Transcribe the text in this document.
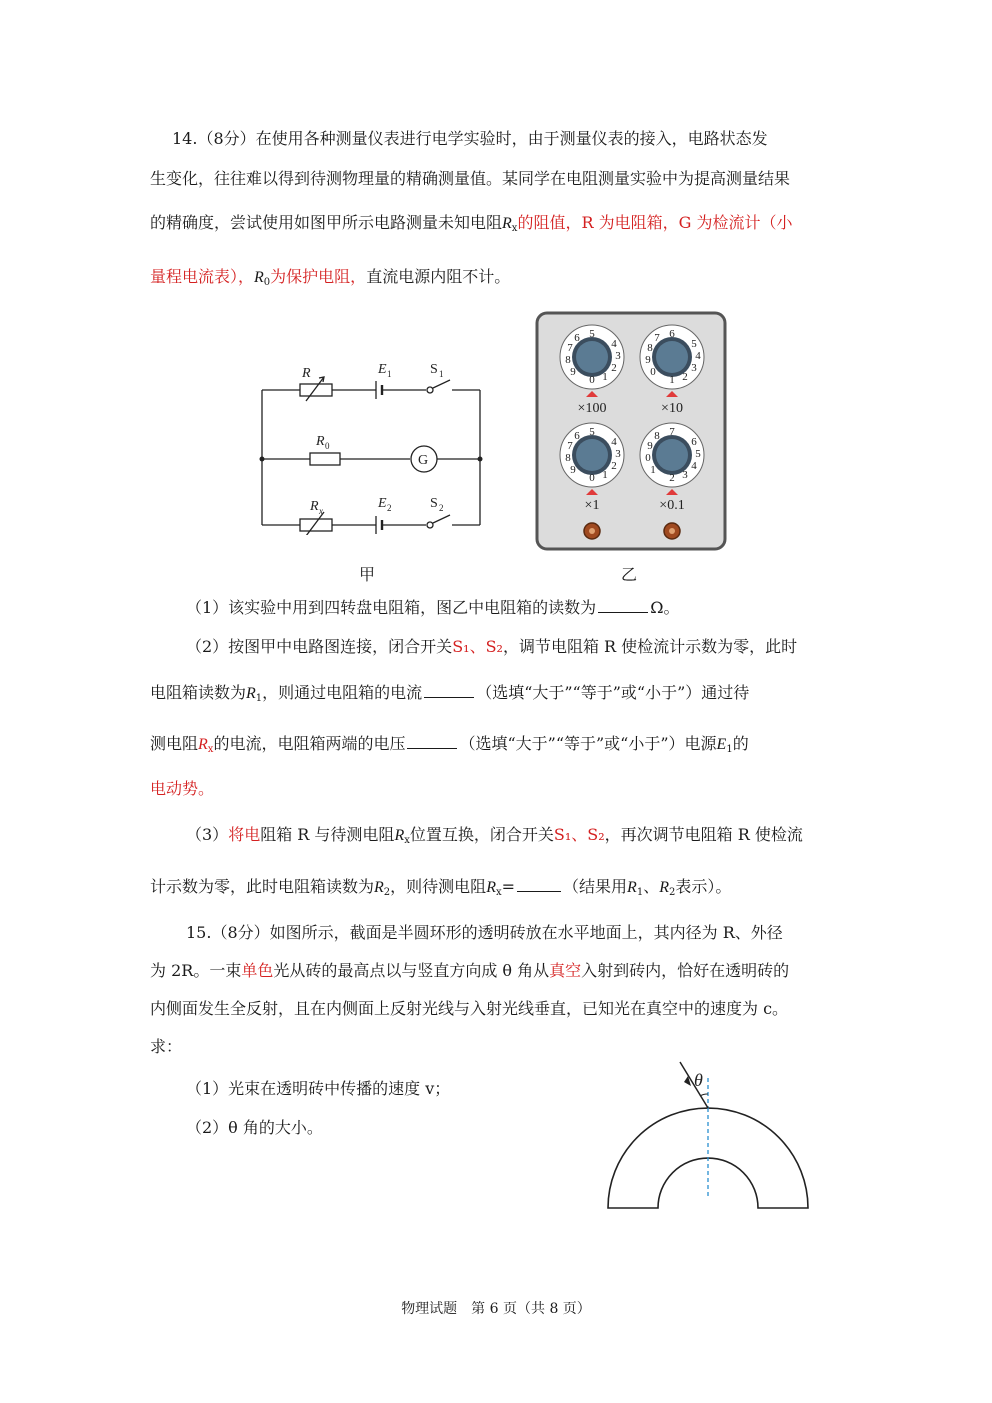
14.（8分）在使用各种测量仪表进行电学实验时，由于测量仪表的接入，电路状态发
生变化，往往难以得到待测物理量的精确测量值。某同学在电阻测量实验中为提高测量结果
的精确度，尝试使用如图甲所示电路测量未知电阻$R_x$的阻值，R 为电阻箱，G 为检流计（小
量程电流表），$R_0$为保护电阻，直流电源内阻不计。
R	E 1	S 1
R 0
G
R x	E 2	S 2
甲
0 1
2
3
4
5
6
7
8
9
1 2
3
4
5
6
7
8
9
0
0 1
2
3
4
5
6
7
8
9
2 3
4
5
6
7
8
9
0
1
×100	×10
×1	×0.1
乙
（1）该实验中用到四转盘电阻箱，图乙中电阻箱的读数为	Ω。
（2）按图甲中电路图连接，闭合开关S₁、S₂，调节电阻箱 R 使检流计示数为零，此时
电阻箱读数为$R_1$，则通过电阻箱的电流	（选填“大于”“等于”或“小于”）通过待
测电阻$R_x$的电流，电阻箱两端的电压	（选填“大于”“等于”或“小于”）电源$E_1$的
电动势。
（3）将电阻箱 R 与待测电阻$R_x$位置互换，闭合开关S₁、S₂，再次调节电阻箱 R 使检流
计示数为零，此时电阻箱读数为$R_2$，则待测电阻$R_x=$	（结果用$R_1$、$R_2$表示）。
15.（8分）如图所示，截面是半圆环形的透明砖放在水平地面上，其内径为 R、外径
为 2R。一束单色光从砖的最高点以与竖直方向成 θ 角从真空入射到砖内，恰好在透明砖的
内侧面发生全反射，且在内侧面上反射光线与入射光线垂直，已知光在真空中的速度为 c。
求：
（1）光束在透明砖中传播的速度 v；
（2）θ 角的大小。
θ
物理试题　第 6 页（共 8 页）
